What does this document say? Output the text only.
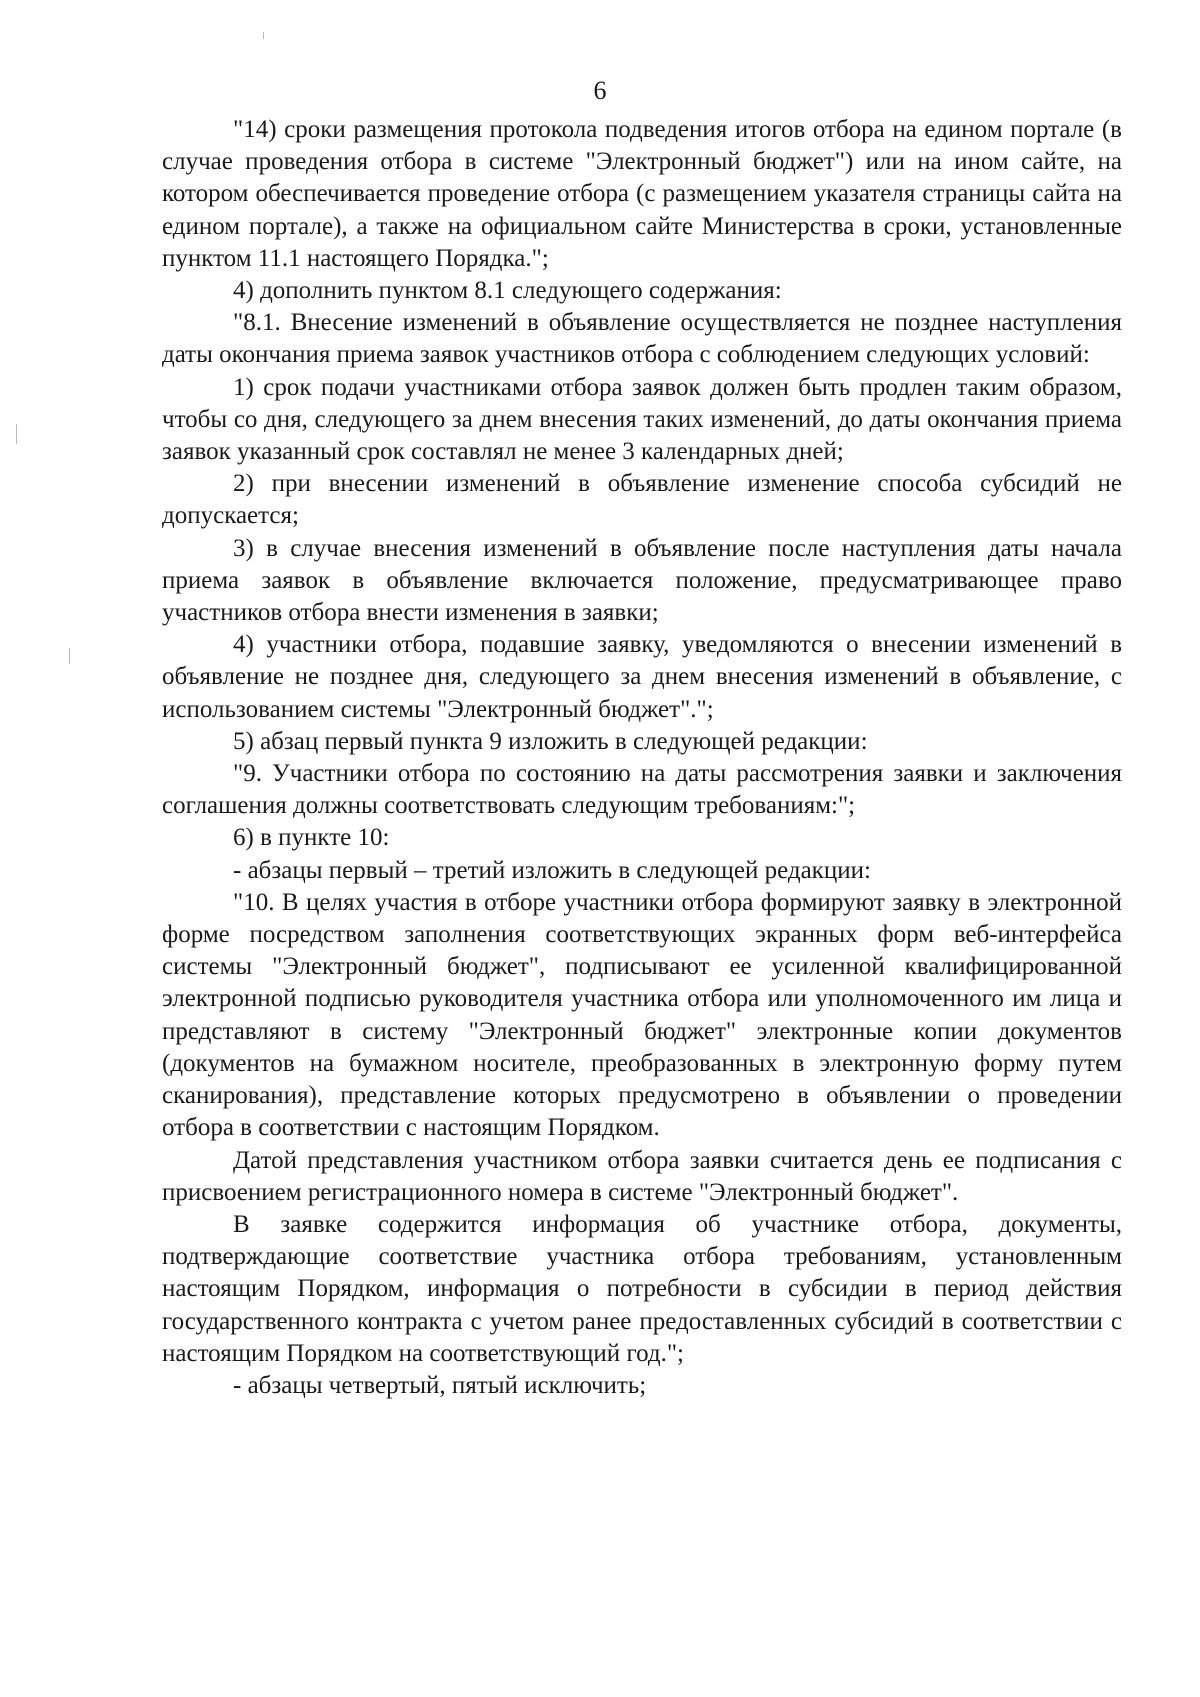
6

"14) сроки размещения протокола подведения итогов отбора на едином портале (в случае проведения отбора в системе "Электронный бюджет") или на ином сайте, на котором обеспечивается проведение отбора (с размещением указателя страницы сайта на едином портале), а также на официальном сайте Министерства в сроки, установленные пунктом 11.1 настоящего Порядка.";

4) дополнить пунктом 8.1 следующего содержания:

"8.1. Внесение изменений в объявление осуществляется не позднее наступления даты окончания приема заявок участников отбора с соблюдением следующих условий:

1) срок подачи участниками отбора заявок должен быть продлен таким образом, чтобы со дня, следующего за днем внесения таких изменений, до даты окончания приема заявок указанный срок составлял не менее 3 календарных дней;

2) при внесении изменений в объявление изменение способа субсидий не допускается;

3) в случае внесения изменений в объявление после наступления даты начала приема заявок в объявление включается положение, предусматривающее право участников отбора внести изменения в заявки;

4) участники отбора, подавшие заявку, уведомляются о внесении изменений в объявление не позднее дня, следующего за днем внесения изменений в объявление, с использованием системы "Электронный бюджет".";

5) абзац первый пункта 9 изложить в следующей редакции:

"9. Участники отбора по состоянию на даты рассмотрения заявки и заключения соглашения должны соответствовать следующим требованиям:";

6) в пункте 10:

- абзацы первый – третий изложить в следующей редакции:

"10. В целях участия в отборе участники отбора формируют заявку в электронной форме посредством заполнения соответствующих экранных форм веб-интерфейса системы "Электронный бюджет", подписывают ее усиленной квалифицированной электронной подписью руководителя участника отбора или уполномоченного им лица и представляют в систему "Электронный бюджет" электронные копии документов (документов на бумажном носителе, преобразованных в электронную форму путем сканирования), представление которых предусмотрено в объявлении о проведении отбора в соответствии с настоящим Порядком.

Датой представления участником отбора заявки считается день ее подписания с присвоением регистрационного номера в системе "Электронный бюджет".

В заявке содержится информация об участнике отбора, документы, подтверждающие соответствие участника отбора требованиям, установленным настоящим Порядком, информация о потребности в субсидии в период действия государственного контракта с учетом ранее предоставленных субсидий в соответствии с настоящим Порядком на соответствующий год.";

- абзацы четвертый, пятый исключить;
